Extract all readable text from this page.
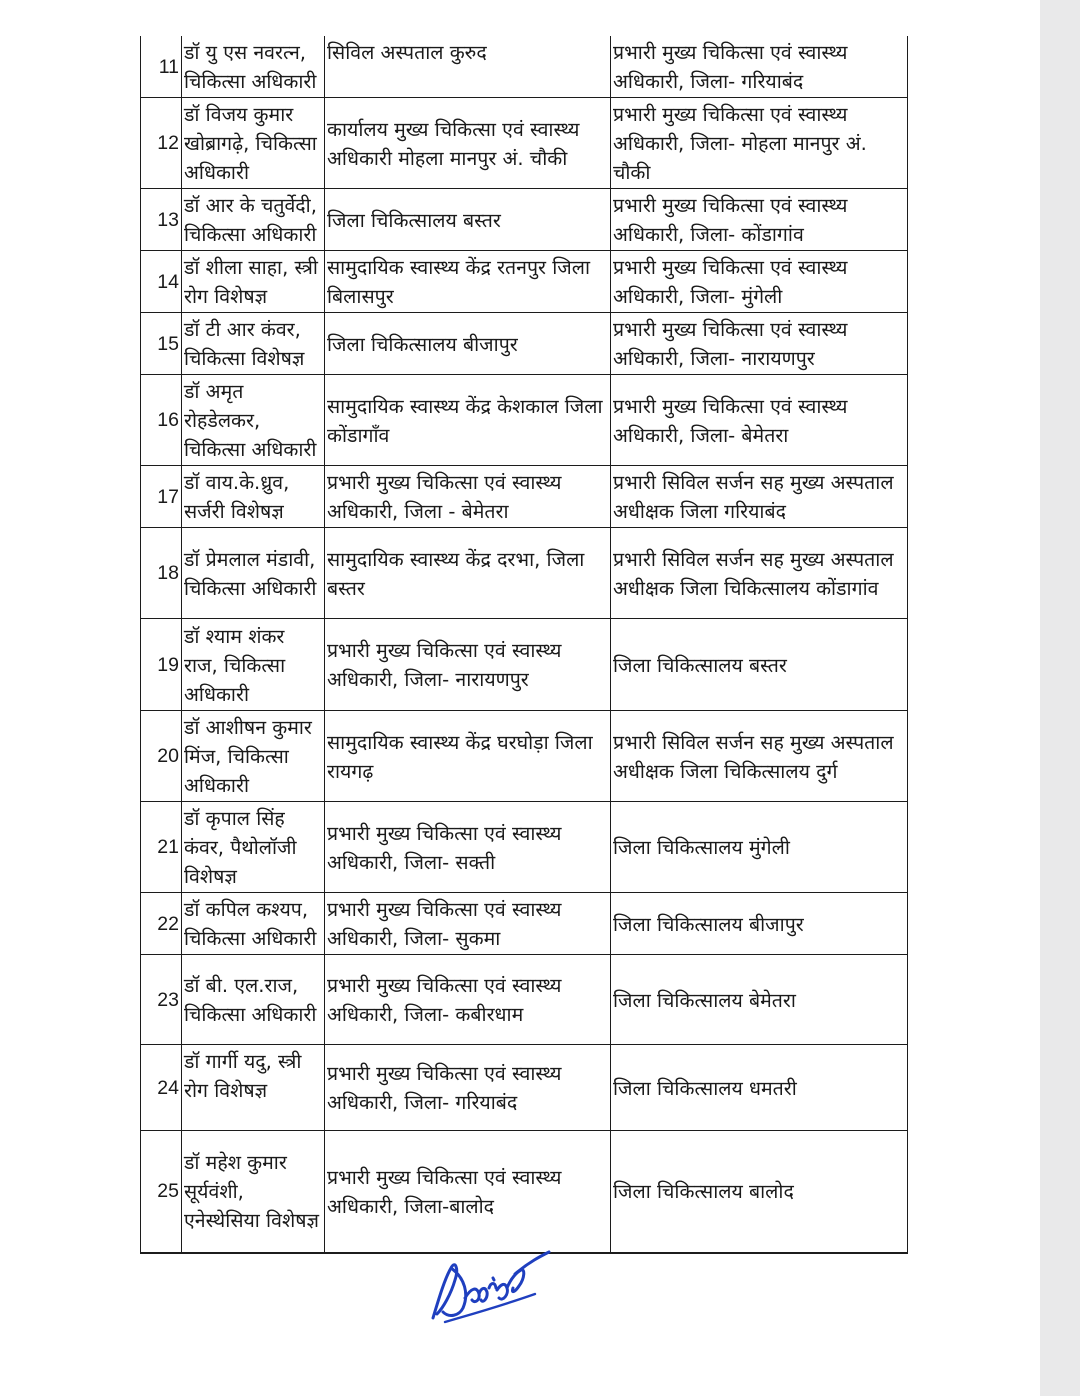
11	डॉ यु एस नवरत्न, चिकित्सा अधिकारी	सिविल अस्पताल कुरुद	प्रभारी मुख्य चिकित्सा एवं स्वास्थ्य अधिकारी, जिला- गरियाबंद

12	डॉ विजय कुमार खोब्रागढ़े, चिकित्सा अधिकारी	कार्यालय मुख्य चिकित्सा एवं स्वास्थ्य अधिकारी मोहला मानपुर अं. चौकी	प्रभारी मुख्य चिकित्सा एवं स्वास्थ्य अधिकारी, जिला- मोहला मानपुर अं. चौकी

13	डॉ आर के चतुर्वेदी, चिकित्सा अधिकारी	जिला चिकित्सालय बस्तर	प्रभारी मुख्य चिकित्सा एवं स्वास्थ्य अधिकारी, जिला- कोंडागांव

14	डॉ शीला साहा, स्त्री रोग विशेषज्ञ	सामुदायिक स्वास्थ्य केंद्र रतनपुर जिला बिलासपुर	प्रभारी मुख्य चिकित्सा एवं स्वास्थ्य अधिकारी, जिला- मुंगेली

15	डॉ टी आर कंवर, चिकित्सा विशेषज्ञ	जिला चिकित्सालय बीजापुर	प्रभारी मुख्य चिकित्सा एवं स्वास्थ्य अधिकारी, जिला- नारायणपुर

16	डॉ अमृत रोहडेलकर, चिकित्सा अधिकारी	सामुदायिक स्वास्थ्य केंद्र केशकाल जिला कोंडागाँव	प्रभारी मुख्य चिकित्सा एवं स्वास्थ्य अधिकारी, जिला- बेमेतरा

17	डॉ वाय.के.ध्रुव, सर्जरी विशेषज्ञ	प्रभारी मुख्य चिकित्सा एवं स्वास्थ्य अधिकारी, जिला - बेमेतरा	प्रभारी सिविल सर्जन सह मुख्य अस्पताल अधीक्षक जिला गरियाबंद

18	डॉ प्रेमलाल मंडावी, चिकित्सा अधिकारी	सामुदायिक स्वास्थ्य केंद्र दरभा, जिला बस्तर	प्रभारी सिविल सर्जन सह मुख्य अस्पताल अधीक्षक जिला चिकित्सालय कोंडागांव

19	डॉ श्याम शंकर राज, चिकित्सा अधिकारी	प्रभारी मुख्य चिकित्सा एवं स्वास्थ्य अधिकारी, जिला- नारायणपुर	जिला चिकित्सालय बस्तर

20	डॉ आशीषन कुमार मिंज, चिकित्सा अधिकारी	सामुदायिक स्वास्थ्य केंद्र घरघोड़ा जिला रायगढ़	प्रभारी सिविल सर्जन सह मुख्य अस्पताल अधीक्षक जिला चिकित्सालय दुर्ग

21	डॉ कृपाल सिंह कंवर, पैथोलॉजी विशेषज्ञ	प्रभारी मुख्य चिकित्सा एवं स्वास्थ्य अधिकारी, जिला- सक्ती	जिला चिकित्सालय मुंगेली

22	डॉ कपिल कश्यप, चिकित्सा अधिकारी	प्रभारी मुख्य चिकित्सा एवं स्वास्थ्य अधिकारी, जिला- सुकमा	जिला चिकित्सालय बीजापुर

23	डॉ बी. एल.राज, चिकित्सा अधिकारी	प्रभारी मुख्य चिकित्सा एवं स्वास्थ्य अधिकारी, जिला- कबीरधाम	जिला चिकित्सालय बेमेतरा

24	डॉ गार्गी यदु, स्त्री रोग विशेषज्ञ	प्रभारी मुख्य चिकित्सा एवं स्वास्थ्य अधिकारी, जिला- गरियाबंद	जिला चिकित्सालय धमतरी

25	डॉ महेश कुमार सूर्यवंशी, एनेस्थेसिया विशेषज्ञ	प्रभारी मुख्य चिकित्सा एवं स्वास्थ्य अधिकारी, जिला-बालोद	जिला चिकित्सालय बालोद
